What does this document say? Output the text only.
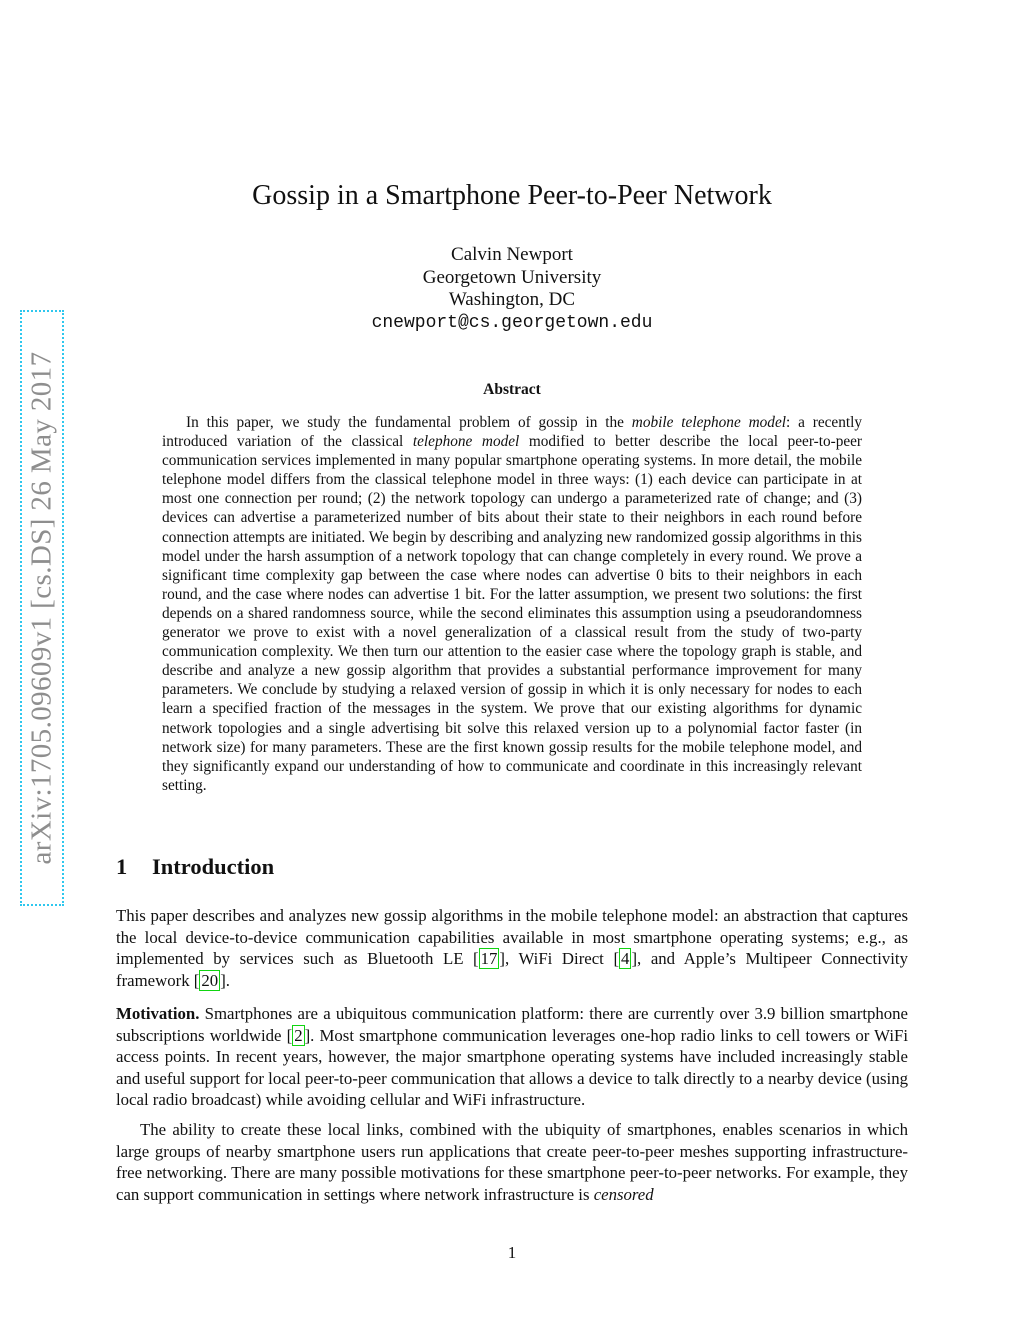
arXiv:1705.09609v1 [cs.DS] 26 May 2017
Gossip in a Smartphone Peer-to-Peer Network
Calvin Newport
Georgetown University
Washington, DC
cnewport@cs.georgetown.edu
Abstract

In this paper, we study the fundamental problem of gossip in the mobile telephone model: a recently introduced variation of the classical telephone model modified to better describe the local peer-to-peer communication services implemented in many popular smartphone operating systems. In more detail, the mobile telephone model differs from the classical telephone model in three ways: (1) each device can participate in at most one connection per round; (2) the network topology can undergo a parameterized rate of change; and (3) devices can advertise a parameterized number of bits about their state to their neighbors in each round before connection attempts are initiated. We begin by describing and analyzing new randomized gossip algorithms in this model under the harsh assumption of a network topology that can change completely in every round. We prove a significant time complexity gap between the case where nodes can advertise 0 bits to their neighbors in each round, and the case where nodes can advertise 1 bit. For the latter assumption, we present two solutions: the first depends on a shared randomness source, while the second eliminates this assumption using a pseudorandomness generator we prove to exist with a novel generalization of a classical result from the study of two-party communication complexity. We then turn our attention to the easier case where the topology graph is stable, and describe and analyze a new gossip algorithm that provides a substantial performance improvement for many parameters. We conclude by studying a relaxed version of gossip in which it is only necessary for nodes to each learn a specified fraction of the messages in the system. We prove that our existing algorithms for dynamic network topologies and a single advertising bit solve this relaxed version up to a polynomial factor faster (in network size) for many parameters. These are the first known gossip results for the mobile telephone model, and they significantly expand our understanding of how to communicate and coordinate in this increasingly relevant setting.

1 Introduction

This paper describes and analyzes new gossip algorithms in the mobile telephone model: an abstraction that captures the local device-to-device communication capabilities available in most smartphone operating systems; e.g., as implemented by services such as Bluetooth LE [ 17 ], WiFi Direct [ 4 ], and Apple’s Multipeer Connectivity framework [ 20 ].

Motivation. Smartphones are a ubiquitous communication platform: there are currently over 3.9 billion smartphone subscriptions worldwide [ 2 ]. Most smartphone communication leverages one-hop radio links to cell towers or WiFi access points. In recent years, however, the major smartphone operating systems have included increasingly stable and useful support for local peer-to-peer communication that allows a device to talk directly to a nearby device (using local radio broadcast) while avoiding cellular and WiFi infrastructure.

The ability to create these local links, combined with the ubiquity of smartphones, enables scenarios in which large groups of nearby smartphone users run applications that create peer-to-peer meshes supporting infrastructure-free networking. There are many possible motivations for these smartphone peer-to-peer networks. For example, they can support communication in settings where network infrastructure is censored

1
